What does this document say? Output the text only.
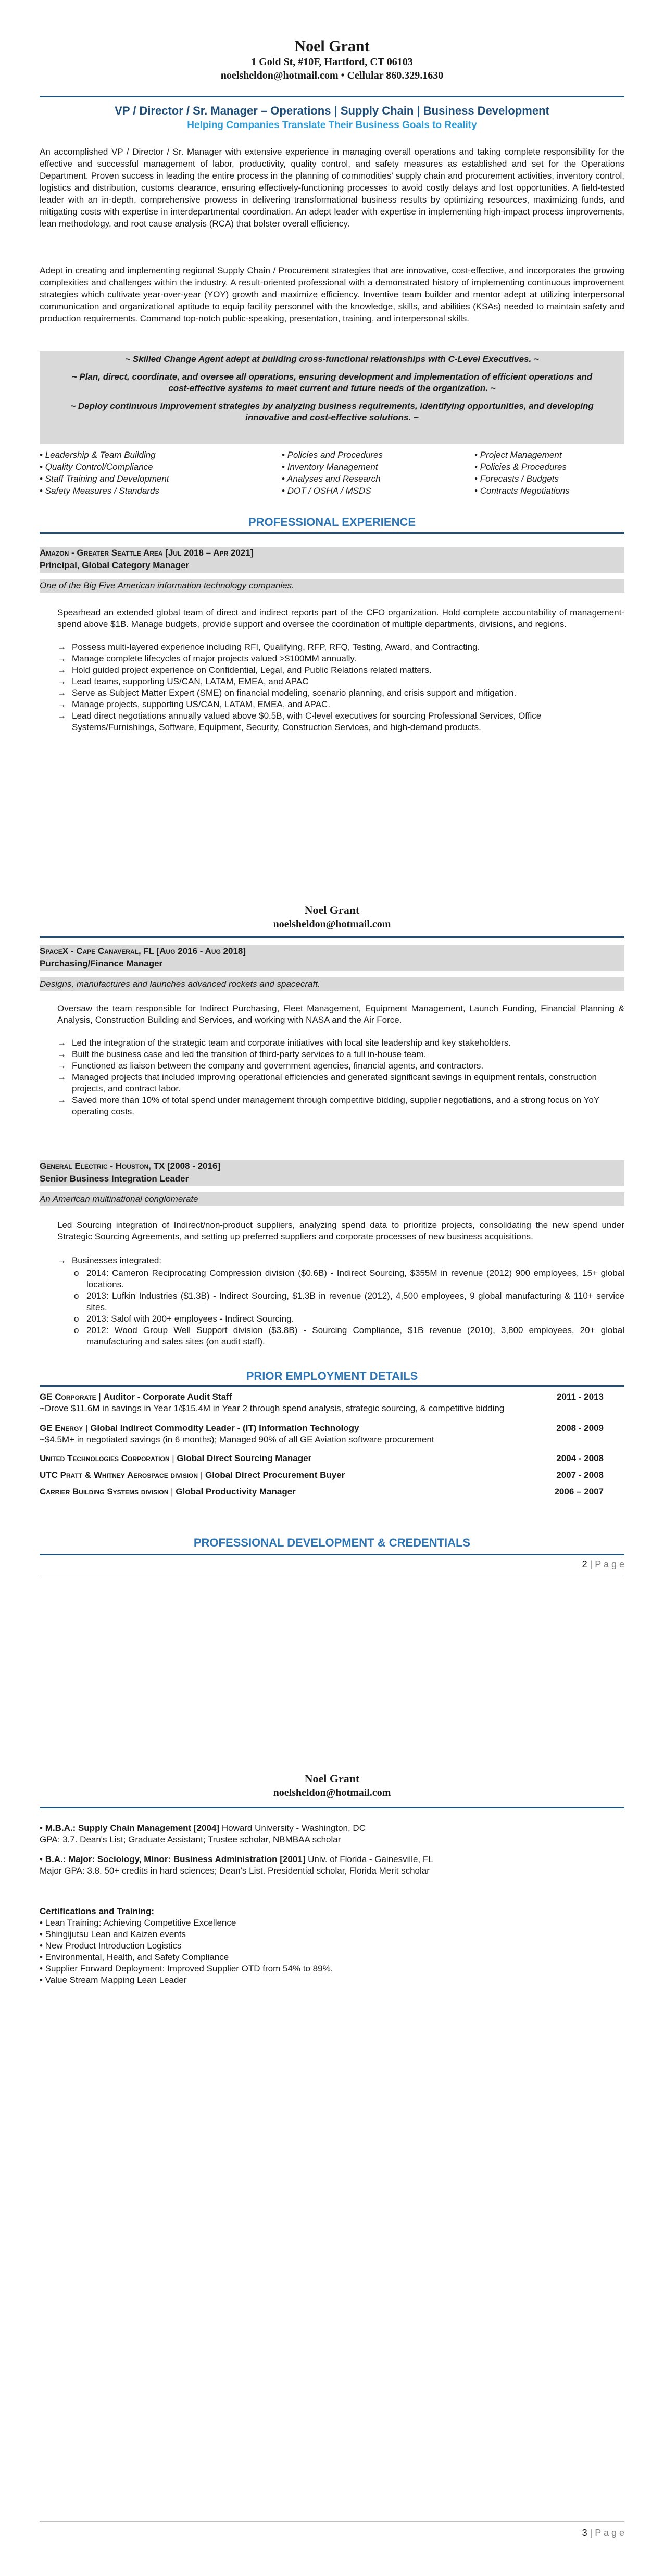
Noel Grant
1 Gold St, #10F, Hartford, CT 06103
noelsheldon@hotmail.com • Cellular 860.329.1630
VP / Director / Sr. Manager – Operations | Supply Chain | Business Development
Helping Companies Translate Their Business Goals to Reality
An accomplished VP / Director / Sr. Manager with extensive experience in managing overall operations and taking complete responsibility for the effective and successful management of labor, productivity, quality control, and safety measures as established and set for the Operations Department. Proven success in leading the entire process in the planning of commodities' supply chain and procurement activities, inventory control, logistics and distribution, customs clearance, ensuring effectively-functioning processes to avoid costly delays and lost opportunities. A field-tested leader with an in-depth, comprehensive prowess in delivering transformational business results by optimizing resources, maximizing funds, and mitigating costs with expertise in interdepartmental coordination. An adept leader with expertise in implementing high-impact process improvements, lean methodology, and root cause analysis (RCA) that bolster overall efficiency.
Adept in creating and implementing regional Supply Chain / Procurement strategies that are innovative, cost-effective, and incorporates the growing complexities and challenges within the industry. A result-oriented professional with a demonstrated history of implementing continuous improvement strategies which cultivate year-over-year (YOY) growth and maximize efficiency. Inventive team builder and mentor adept at utilizing interpersonal communication and organizational aptitude to equip facility personnel with the knowledge, skills, and abilities (KSAs) needed to maintain safety and production requirements. Command top-notch public-speaking, presentation, training, and interpersonal skills.
~ Skilled Change Agent adept at building cross-functional relationships with C-Level Executives. ~
~ Plan, direct, coordinate, and oversee all operations, ensuring development and implementation of efficient operations and cost-effective systems to meet current and future needs of the organization. ~
~ Deploy continuous improvement strategies by analyzing business requirements, identifying opportunities, and developing innovative and cost-effective solutions. ~
• Leadership & Team Building
• Quality Control/Compliance
• Staff Training and Development
• Safety Measures / Standards
• Policies and Procedures
• Inventory Management
• Analyses and Research
• DOT / OSHA / MSDS
• Project Management
• Policies & Procedures
• Forecasts / Budgets
• Contracts Negotiations
PROFESSIONAL EXPERIENCE
Amazon - Greater Seattle Area [Jul 2018 – Apr 2021]
Principal, Global Category Manager
One of the Big Five American information technology companies.
Spearhead an extended global team of direct and indirect reports part of the CFO organization. Hold complete accountability of management-spend above $1B. Manage budgets, provide support and oversee the coordination of multiple departments, divisions, and regions.
→ Possess multi-layered experience including RFI, Qualifying, RFP, RFQ, Testing, Award, and Contracting.
→ Manage complete lifecycles of major projects valued >$100MM annually.
→ Hold guided project experience on Confidential, Legal, and Public Relations related matters.
→ Lead teams, supporting US/CAN, LATAM, EMEA, and APAC
→ Serve as Subject Matter Expert (SME) on financial modeling, scenario planning, and crisis support and mitigation.
→ Manage projects, supporting US/CAN, LATAM, EMEA, and APAC.
→ Lead direct negotiations annually valued above $0.5B, with C-level executives for sourcing Professional Services, Office Systems/Furnishings, Software, Equipment, Security, Construction Services, and high-demand products.
Noel Grant
noelsheldon@hotmail.com
SpaceX - Cape Canaveral, FL [Aug 2016 - Aug 2018]
Purchasing/Finance Manager
Designs, manufactures and launches advanced rockets and spacecraft.
Oversaw the team responsible for Indirect Purchasing, Fleet Management, Equipment Management, Launch Funding, Financial Planning & Analysis, Construction Building and Services, and working with NASA and the Air Force.
→ Led the integration of the strategic team and corporate initiatives with local site leadership and key stakeholders.
→ Built the business case and led the transition of third-party services to a full in-house team.
→ Functioned as liaison between the company and government agencies, financial agents, and contractors.
→ Managed projects that included improving operational efficiencies and generated significant savings in equipment rentals, construction projects, and contract labor.
→ Saved more than 10% of total spend under management through competitive bidding, supplier negotiations, and a strong focus on YoY operating costs.
General Electric - Houston, TX [2008 - 2016]
Senior Business Integration Leader
An American multinational conglomerate
Led Sourcing integration of Indirect/non-product suppliers, analyzing spend data to prioritize projects, consolidating the new spend under Strategic Sourcing Agreements, and setting up preferred suppliers and corporate processes of new business acquisitions.
→ Businesses integrated:
o 2014: Cameron Reciprocating Compression division ($0.6B) - Indirect Sourcing, $355M in revenue (2012) 900 employees, 15+ global locations.
o 2013: Lufkin Industries ($1.3B) - Indirect Sourcing, $1.3B in revenue (2012), 4,500 employees, 9 global manufacturing & 110+ service sites.
o 2013: Salof with 200+ employees - Indirect Sourcing.
o 2012: Wood Group Well Support division ($3.8B) - Sourcing Compliance, $1B revenue (2010), 3,800 employees, 20+ global manufacturing and sales sites (on audit staff).
PRIOR EMPLOYMENT DETAILS
GE Corporate | Auditor - Corporate Audit Staff	2011 - 2013
~Drove $11.6M in savings in Year 1/$15.4M in Year 2 through spend analysis, strategic sourcing, & competitive bidding
GE Energy | Global Indirect Commodity Leader - (IT) Information Technology	2008 - 2009
~$4.5M+ in negotiated savings (in 6 months); Managed 90% of all GE Aviation software procurement
United Technologies Corporation | Global Direct Sourcing Manager	2004 - 2008
UTC Pratt & Whitney Aerospace division | Global Direct Procurement Buyer	2007 - 2008
Carrier Building Systems division | Global Productivity Manager	2006 – 2007
PROFESSIONAL DEVELOPMENT & CREDENTIALS
2 | P a g e
Noel Grant
noelsheldon@hotmail.com
• M.B.A.: Supply Chain Management [2004] Howard University - Washington, DC
GPA: 3.7. Dean's List; Graduate Assistant; Trustee scholar, NBMBAA scholar
• B.A.: Major: Sociology, Minor: Business Administration [2001] Univ. of Florida - Gainesville, FL
Major GPA: 3.8. 50+ credits in hard sciences; Dean's List. Presidential scholar, Florida Merit scholar
Certifications and Training:
• Lean Training: Achieving Competitive Excellence
• Shingijutsu Lean and Kaizen events
• New Product Introduction Logistics
• Environmental, Health, and Safety Compliance
• Supplier Forward Deployment: Improved Supplier OTD from 54% to 89%.
• Value Stream Mapping Lean Leader
3 | P a g e
